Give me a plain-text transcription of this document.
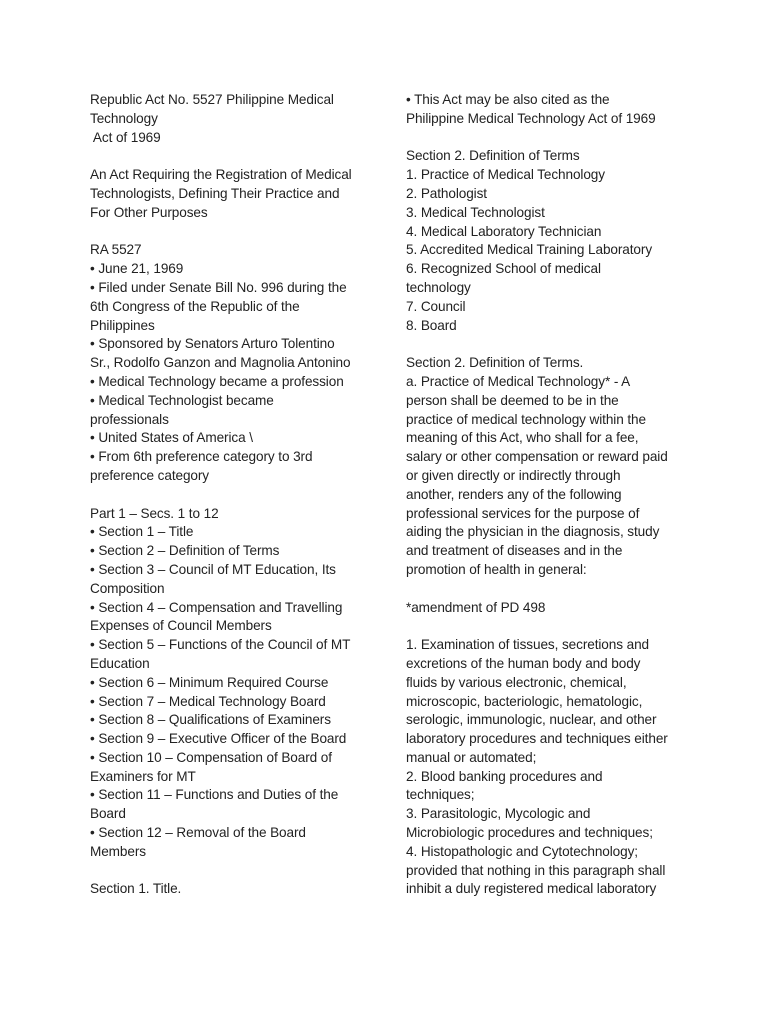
Republic Act No. 5527 Philippine Medical
Technology
Act of 1969
An Act Requiring the Registration of Medical
Technologists, Defining Their Practice and
For Other Purposes
RA 5527
• June 21, 1969
• Filed under Senate Bill No. 996 during the
6th Congress of the Republic of the
Philippines
• Sponsored by Senators Arturo Tolentino
Sr., Rodolfo Ganzon and Magnolia Antonino
• Medical Technology became a profession
• Medical Technologist became
professionals
• United States of America \
• From 6th preference category to 3rd
preference category
Part 1 – Secs. 1 to 12
• Section 1 – Title
• Section 2 – Definition of Terms
• Section 3 – Council of MT Education, Its
Composition
• Section 4 – Compensation and Travelling
Expenses of Council Members
• Section 5 – Functions of the Council of MT
Education
• Section 6 – Minimum Required Course
• Section 7 – Medical Technology Board
• Section 8 – Qualifications of Examiners
• Section 9 – Executive Officer of the Board
• Section 10 – Compensation of Board of
Examiners for MT
• Section 11 – Functions and Duties of the
Board
• Section 12 – Removal of the Board
Members
Section 1. Title.
• This Act may be also cited as the
Philippine Medical Technology Act of 1969
Section 2. Definition of Terms
1. Practice of Medical Technology
2. Pathologist
3. Medical Technologist
4. Medical Laboratory Technician
5. Accredited Medical Training Laboratory
6. Recognized School of medical
technology
7. Council
8. Board
Section 2. Definition of Terms.
a. Practice of Medical Technology* - A
person shall be deemed to be in the
practice of medical technology within the
meaning of this Act, who shall for a fee,
salary or other compensation or reward paid
or given directly or indirectly through
another, renders any of the following
professional services for the purpose of
aiding the physician in the diagnosis, study
and treatment of diseases and in the
promotion of health in general:
*amendment of PD 498
1. Examination of tissues, secretions and
excretions of the human body and body
fluids by various electronic, chemical,
microscopic, bacteriologic, hematologic,
serologic, immunologic, nuclear, and other
laboratory procedures and techniques either
manual or automated;
2. Blood banking procedures and
techniques;
3. Parasitologic, Mycologic and
Microbiologic procedures and techniques;
4. Histopathologic and Cytotechnology;
provided that nothing in this paragraph shall
inhibit a duly registered medical laboratory
